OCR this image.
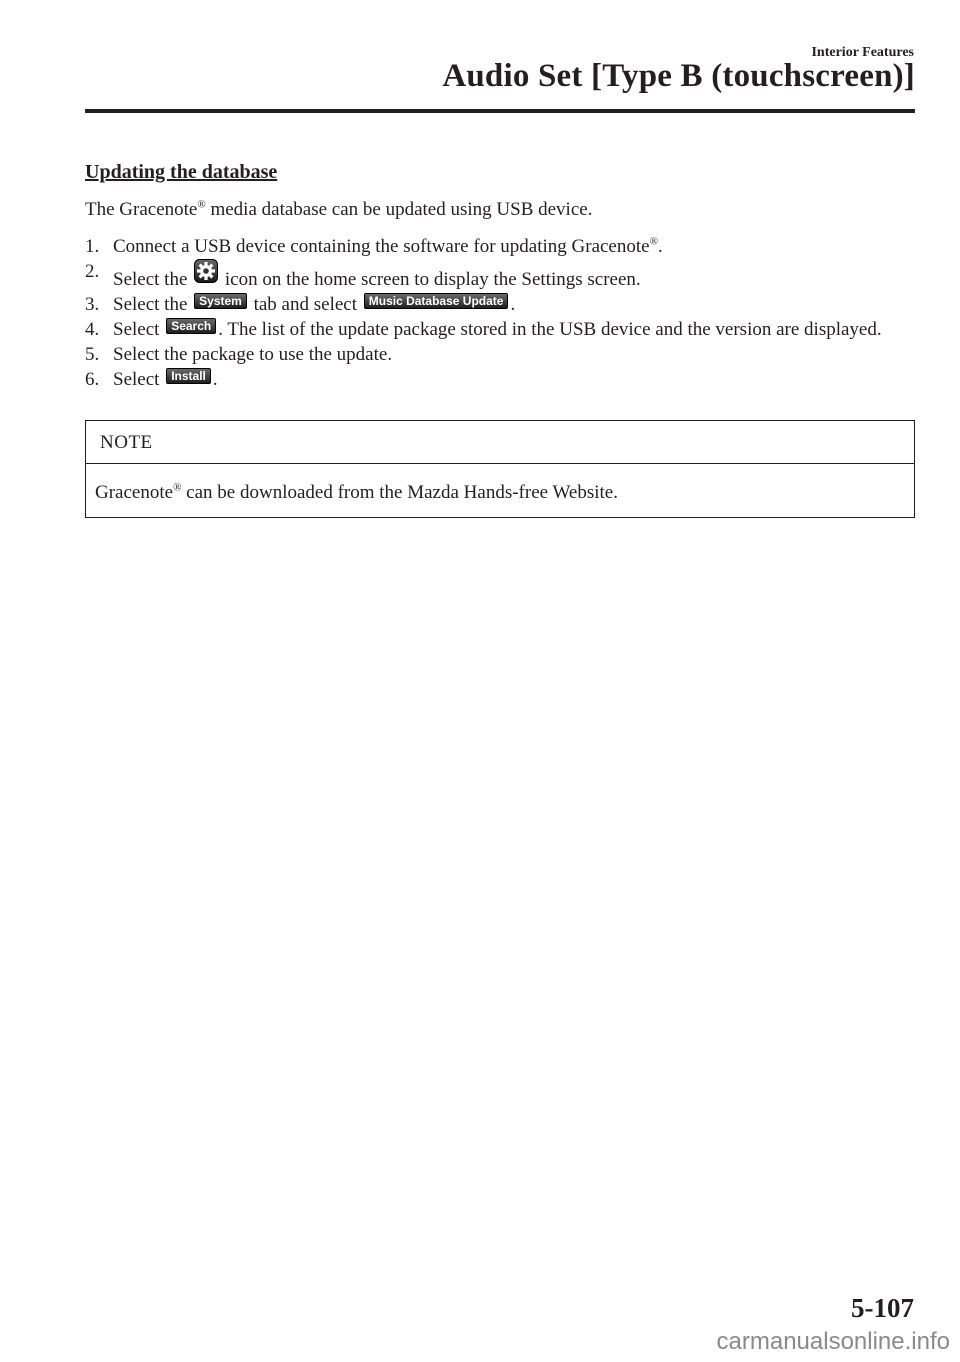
Interior Features
Audio Set [Type B (touchscreen)]
Updating the database

The Gracenote® media database can be updated using USB device.

1. Connect a USB device containing the software for updating Gracenote®.
2. Select the  icon on the home screen to display the Settings screen.
3. Select the System tab and select Music Database Update .
4. Select Search . The list of the update package stored in the USB device and the version are displayed.
5. Select the package to use the update.
6. Select Install .
NOTE
Gracenote® can be downloaded from the Mazda Hands-free Website.
5-107
carmanualsonline.info
